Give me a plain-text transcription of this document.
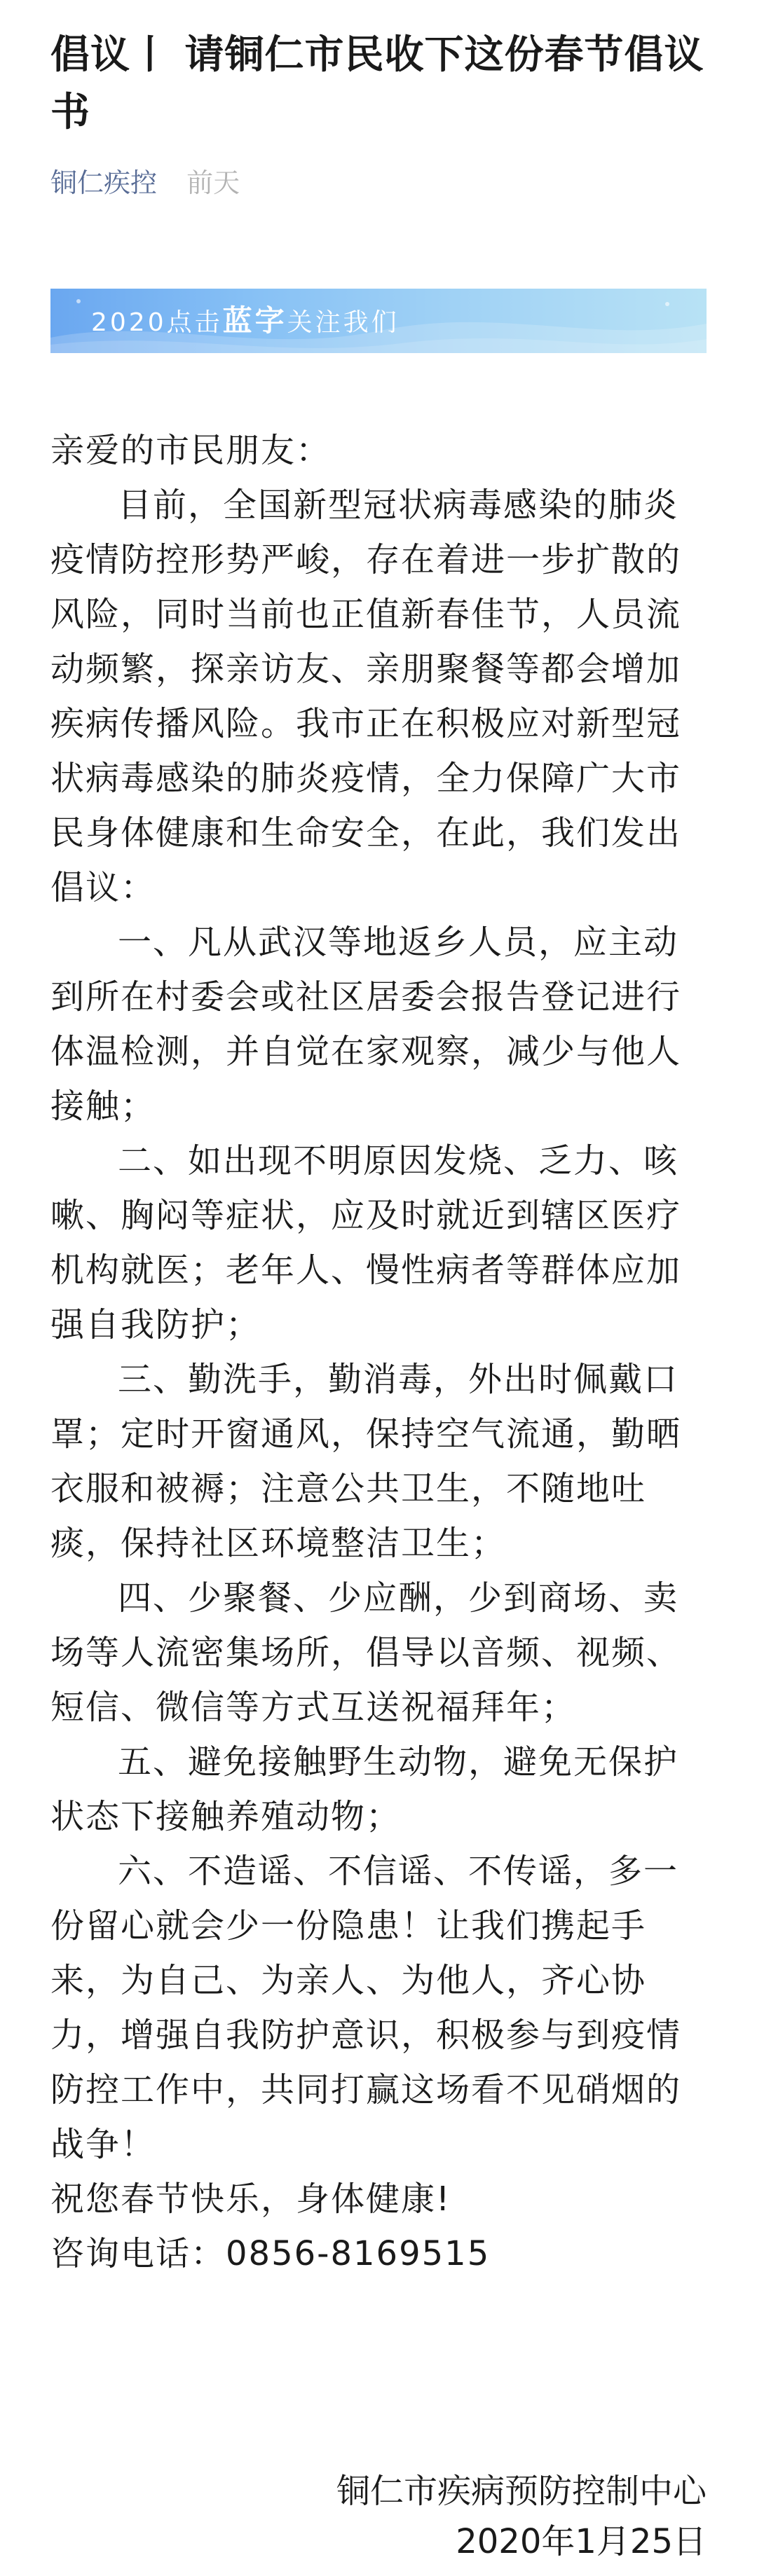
倡议丨 请铜仁市民收下这份春节倡议书
铜仁疾控 前天
2020点击蓝字关注我们

亲爱的市民朋友：

目前，全国新型冠状病毒感染的肺炎疫情防控形势严峻，存在着进一步扩散的风险，同时当前也正值新春佳节，人员流动频繁，探亲访友、亲朋聚餐等都会增加疾病传播风险。我市正在积极应对新型冠状病毒感染的肺炎疫情，全力保障广大市民身体健康和生命安全，在此，我们发出倡议：

一、凡从武汉等地返乡人员，应主动到所在村委会或社区居委会报告登记进行体温检测，并自觉在家观察，减少与他人接触；

二、如出现不明原因发烧、乏力、咳嗽、胸闷等症状，应及时就近到辖区医疗机构就医；老年人、慢性病者等群体应加强自我防护；

三、勤洗手，勤消毒，外出时佩戴口罩；定时开窗通风，保持空气流通，勤晒衣服和被褥；注意公共卫生，不随地吐痰，保持社区环境整洁卫生；

四、少聚餐、少应酬，少到商场、卖场等人流密集场所，倡导以音频、视频、短信、微信等方式互送祝福拜年；

五、避免接触野生动物，避免无保护状态下接触养殖动物；

六、不造谣、不信谣、不传谣，多一份留心就会少一份隐患！让我们携起手来，为自己、为亲人、为他人，齐心协力，增强自我防护意识，积极参与到疫情防控工作中，共同打赢这场看不见硝烟的战争！

祝您春节快乐，身体健康!

咨询电话：0856-8169515

铜仁市疾病预防控制中心
2020年1月25日
